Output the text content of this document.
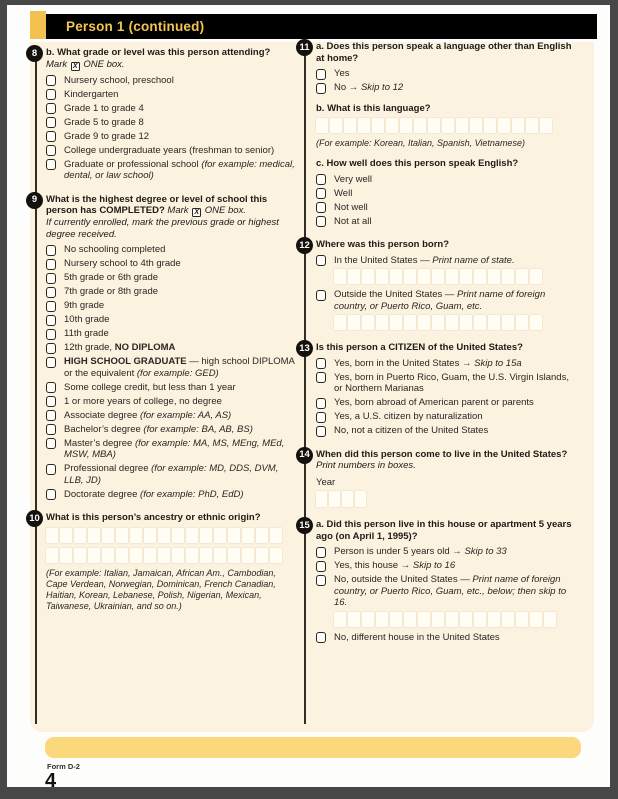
Person 1 (continued)
8 b. What grade or level was this person attending?
Mark X ONE box.
Nursery school, preschool
Kindergarten
Grade 1 to grade 4
Grade 5 to grade 8
Grade 9 to grade 12
College undergraduate years (freshman to senior)
Graduate or professional school (for example: medical, dental, or law school)
9 What is the highest degree or level of school this person has COMPLETED? Mark X ONE box.
If currently enrolled, mark the previous grade or highest degree received.
No schooling completed
Nursery school to 4th grade
5th grade or 6th grade
7th grade or 8th grade
9th grade
10th grade
11th grade
12th grade, NO DIPLOMA
HIGH SCHOOL GRADUATE — high school DIPLOMA or the equivalent (for example: GED)
Some college credit, but less than 1 year
1 or more years of college, no degree
Associate degree (for example: AA, AS)
Bachelor’s degree (for example: BA, AB, BS)
Master’s degree (for example: MA, MS, MEng, MEd, MSW, MBA)
Professional degree (for example: MD, DDS, DVM, LLB, JD)
Doctorate degree (for example: PhD, EdD)
10 What is this person’s ancestry or ethnic origin?
(For example: Italian, Jamaican, African Am., Cambodian, Cape Verdean, Norwegian, Dominican, French Canadian, Haitian, Korean, Lebanese, Polish, Nigerian, Mexican, Taiwanese, Ukrainian, and so on.)
11 a. Does this person speak a language other than English at home?
Yes
No → Skip to 12
b. What is this language?
(For example: Korean, Italian, Spanish, Vietnamese)
c. How well does this person speak English?
Very well
Well
Not well
Not at all
12 Where was this person born?
In the United States — Print name of state.
Outside the United States — Print name of foreign country, or Puerto Rico, Guam, etc.
13 Is this person a CITIZEN of the United States?
Yes, born in the United States → Skip to 15a
Yes, born in Puerto Rico, Guam, the U.S. Virgin Islands, or Northern Marianas
Yes, born abroad of American parent or parents
Yes, a U.S. citizen by naturalization
No, not a citizen of the United States
14 When did this person come to live in the United States? Print numbers in boxes.
Year
15 a. Did this person live in this house or apartment 5 years ago (on April 1, 1995)?
Person is under 5 years old → Skip to 33
Yes, this house → Skip to 16
No, outside the United States — Print name of foreign country, or Puerto Rico, Guam, etc., below; then skip to 16.
No, different house in the United States
Form D-2
4
